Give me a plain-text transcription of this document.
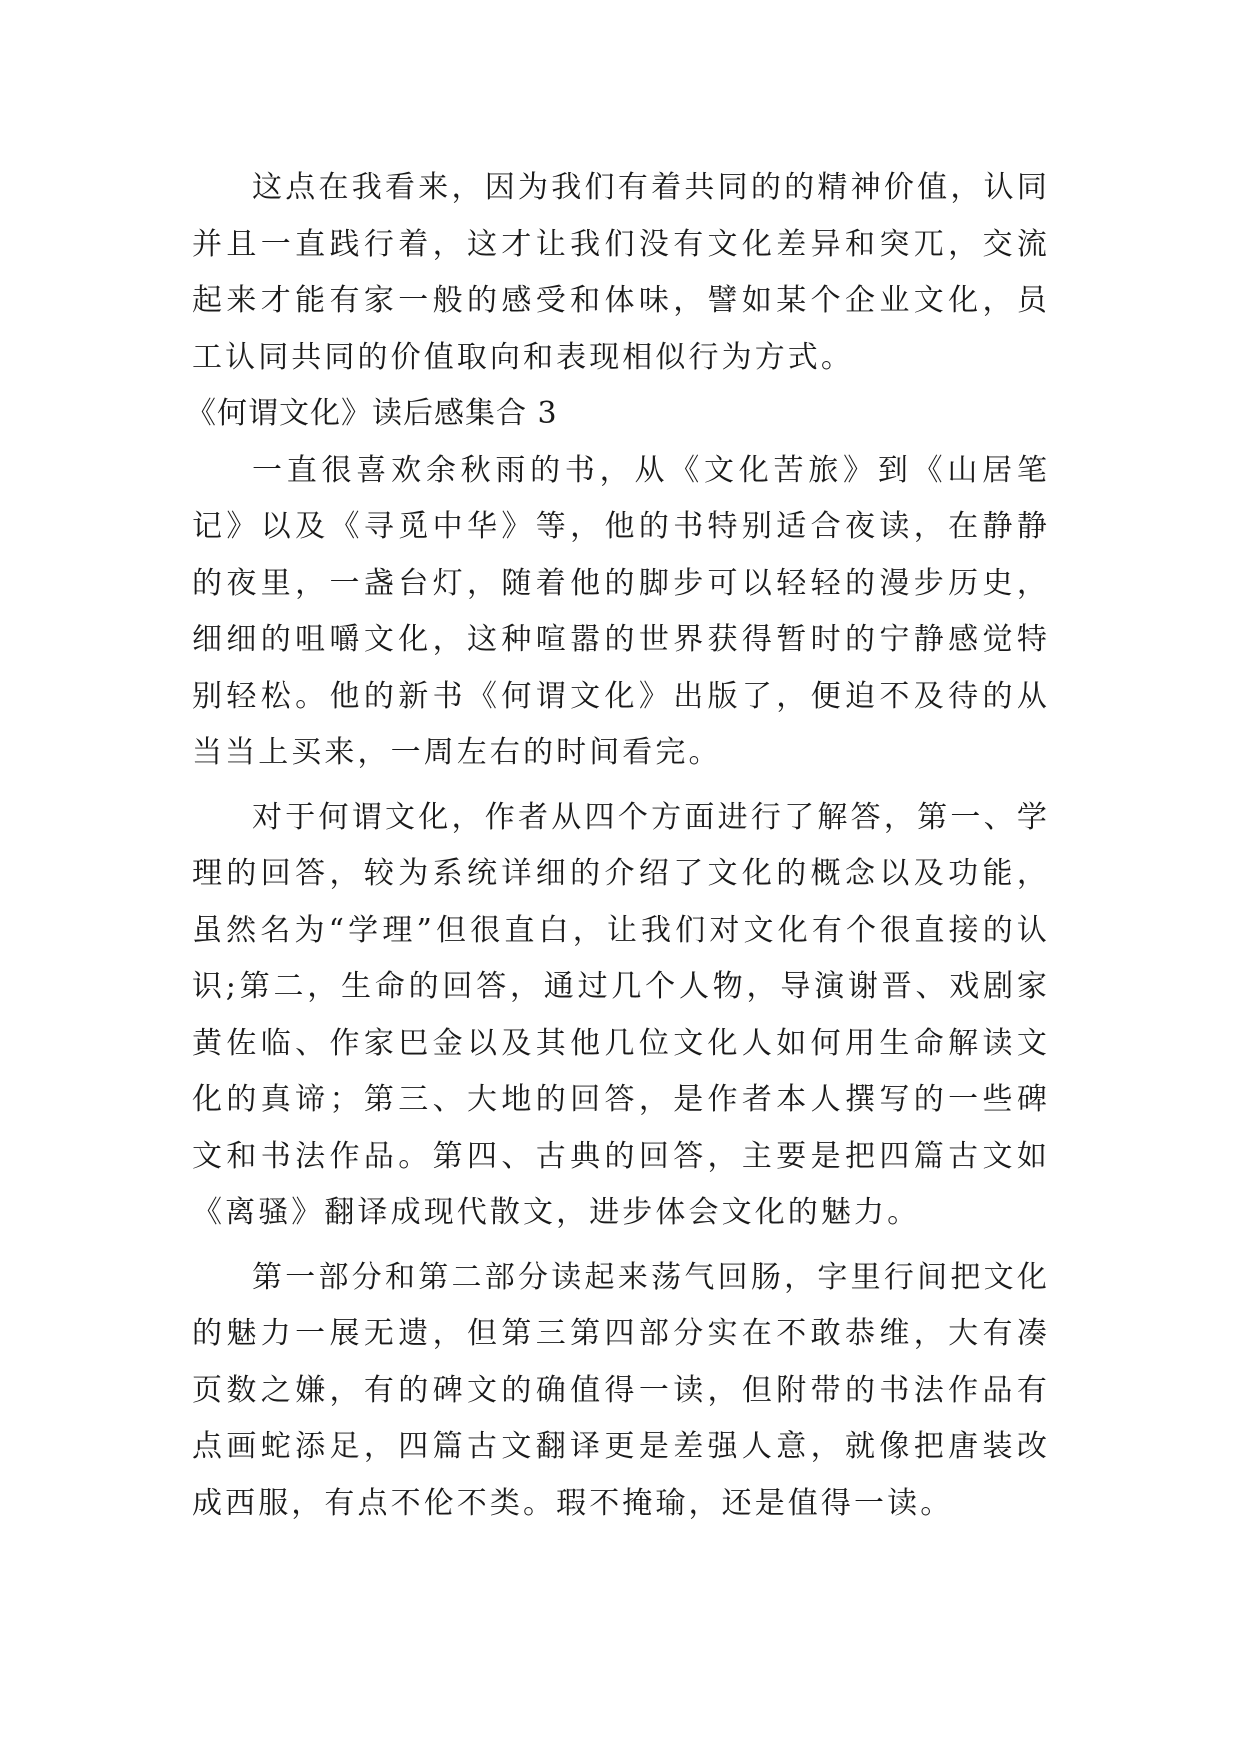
这点在我看来，因为我们有着共同的的精神价值，认同并且一直践行着，这才让我们没有文化差异和突兀，交流起来才能有家一般的感受和体味，譬如某个企业文化，员工认同共同的价值取向和表现相似行为方式。

《何谓文化》读后感集合 3

一直很喜欢余秋雨的书，从《文化苦旅》到《山居笔记》以及《寻觅中华》等，他的书特别适合夜读，在静静的夜里，一盏台灯，随着他的脚步可以轻轻的漫步历史，细细的咀嚼文化，这种喧嚣的世界获得暂时的宁静感觉特别轻松。他的新书《何谓文化》出版了，便迫不及待的从当当上买来，一周左右的时间看完。

对于何谓文化，作者从四个方面进行了解答，第一、学理的回答，较为系统详细的介绍了文化的概念以及功能，虽然名为“学理”但很直白，让我们对文化有个很直接的认识;第二，生命的回答，通过几个人物，导演谢晋、戏剧家黄佐临、作家巴金以及其他几位文化人如何用生命解读文化的真谛；第三、大地的回答，是作者本人撰写的一些碑文和书法作品。第四、古典的回答，主要是把四篇古文如《离骚》翻译成现代散文，进步体会文化的魅力。

第一部分和第二部分读起来荡气回肠，字里行间把文化的魅力一展无遗，但第三第四部分实在不敢恭维，大有凑页数之嫌，有的碑文的确值得一读，但附带的书法作品有点画蛇添足，四篇古文翻译更是差强人意，就像把唐装改成西服，有点不伦不类。瑕不掩瑜，还是值得一读。
